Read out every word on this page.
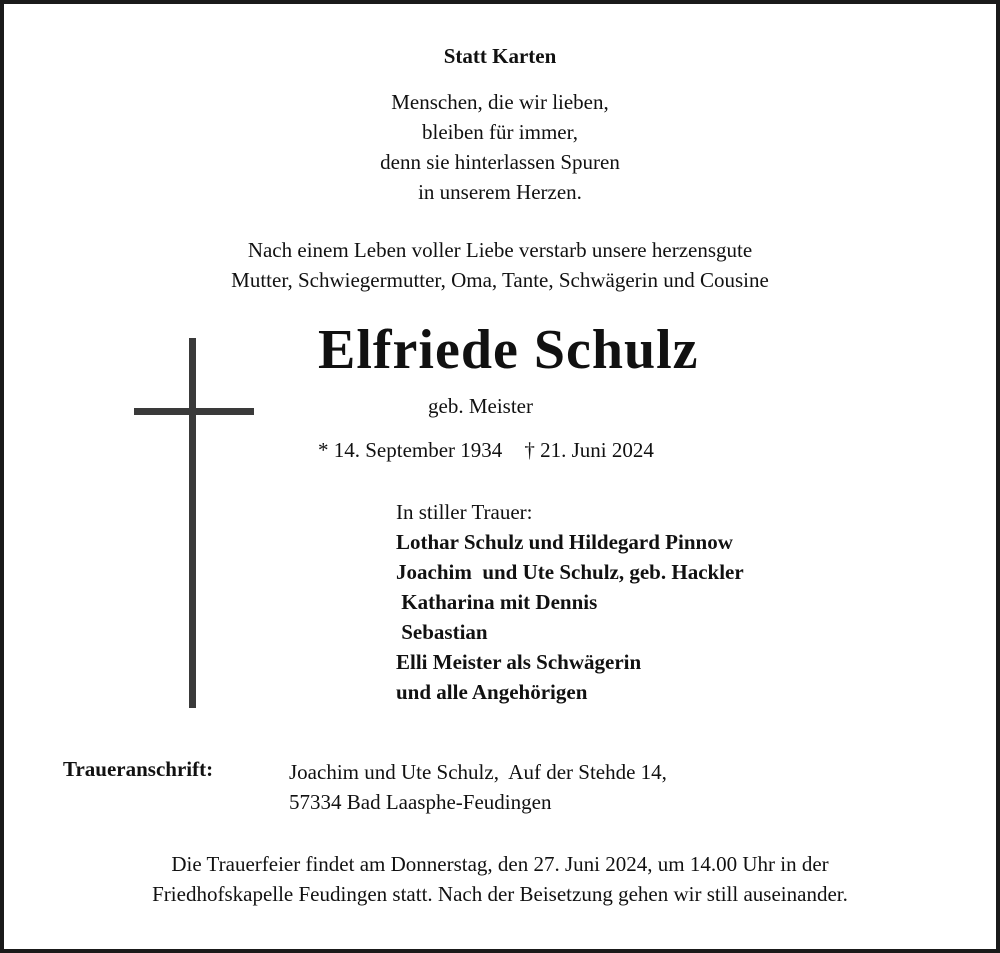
Statt Karten
Menschen, die wir lieben,
bleiben für immer,
denn sie hinterlassen Spuren
in unserem Herzen.
Nach einem Leben voller Liebe verstarb unsere herzensgute
Mutter, Schwiegermutter, Oma, Tante, Schwägerin und Cousine
Elfriede Schulz
geb. Meister
* 14. September 1934 † 21. Juni 2024
In stiller Trauer:
Lothar Schulz und Hildegard Pinnow
Joachim  und Ute Schulz, geb. Hackler
Katharina mit Dennis
Sebastian
Elli Meister als Schwägerin
und alle Angehörigen
Traueranschrift:	Joachim und Ute Schulz,  Auf der Stehde 14,
57334 Bad Laasphe-Feudingen
Die Trauerfeier findet am Donnerstag, den 27. Juni 2024, um 14.00 Uhr in der
Friedhofskapelle Feudingen statt. Nach der Beisetzung gehen wir still auseinander.
